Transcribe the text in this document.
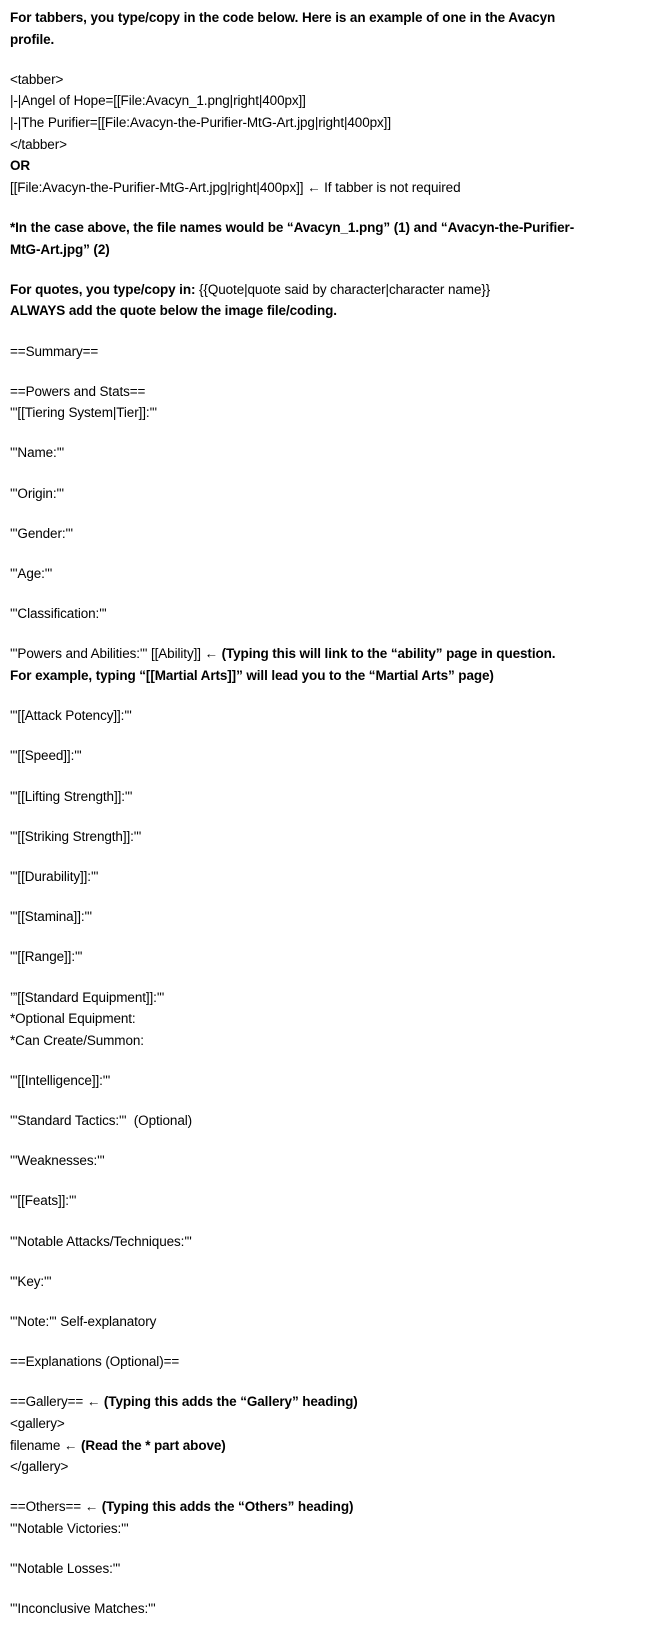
For tabbers, you type/copy in the code below. Here is an example of one in the Avacyn
profile.
<tabber>
|-|Angel of Hope=[[File:Avacyn_1.png|right|400px]]
|-|The Purifier=[[File:Avacyn-the-Purifier-MtG-Art.jpg|right|400px]]
</tabber>
OR
[[File:Avacyn-the-Purifier-MtG-Art.jpg|right|400px]] ← If tabber is not required
*In the case above, the file names would be “Avacyn_1.png” (1) and “Avacyn-the-Purifier-
MtG-Art.jpg” (2)
For quotes, you type/copy in: {{Quote|quote said by character|character name}}
ALWAYS add the quote below the image file/coding.
==Summary==
==Powers and Stats==
'''[[Tiering System|Tier]]:'''
'''Name:'''
'''Origin:'''
'''Gender:'''
'''Age:'''
'''Classification:'''
'''Powers and Abilities:''' [[Ability]] ← (Typing this will link to the “ability” page in question.
For example, typing “[[Martial Arts]]” will lead you to the “Martial Arts” page)
'''[[Attack Potency]]:'''
'''[[Speed]]:'''
'''[[Lifting Strength]]:'''
'''[[Striking Strength]]:'''
'''[[Durability]]:'''
'''[[Stamina]]:'''
'''[[Range]]:'''
’”[[Standard Equipment]]:'''
*Optional Equipment:
*Can Create/Summon:
'''[[Intelligence]]:'''
'''Standard Tactics:'''  (Optional)
'''Weaknesses:'''
'''[[Feats]]:'''
'''Notable Attacks/Techniques:'''
'''Key:'''
'''Note:''' Self-explanatory
==Explanations (Optional)==
==Gallery== ← (Typing this adds the “Gallery” heading)
<gallery>
filename ← (Read the * part above)
</gallery>
==Others== ← (Typing this adds the “Others” heading)
'''Notable Victories:'''
'''Notable Losses:'''
'''Inconclusive Matches:'''
